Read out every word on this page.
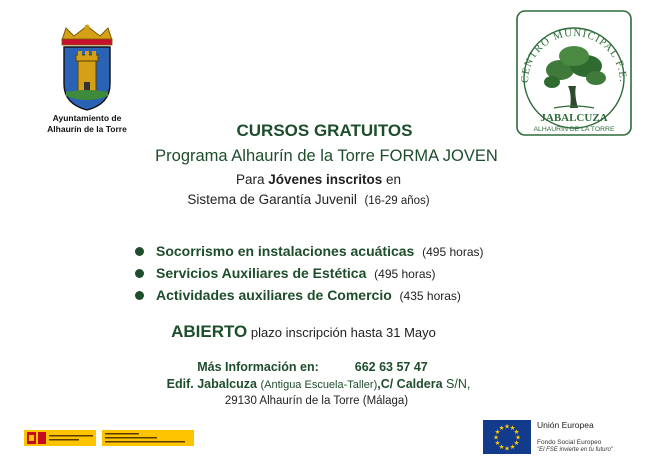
Ayuntamiento de
Alhaurín de la Torre
CENTRO MUNICIPAL F.E.
JABALCUZA
ALHAURIN DE LA TORRE
CURSOS GRATUITOS
Programa Alhaurín de la Torre FORMA JOVEN
Para Jóvenes inscritos en
Sistema de Garantía Juvenil (16-29 años)
Socorrismo en instalaciones acuáticas (495 horas)
Servicios Auxiliares de Estética (495 horas)
Actividades auxiliares de Comercio (435 horas)
ABIERTO plazo inscripción hasta 31 Mayo
Más Información en:	662 63 57 47
Edif. Jabalcuza (Antigua Escuela-Taller),C/ Caldera S/N,
29130 Alhaurín de la Torre (Málaga)
★
★
★
★
★
★
★
★
★ ★ ★
★
Unión Europea
Fondo Social Europeo
"El FSE invierte en tu futuro"
